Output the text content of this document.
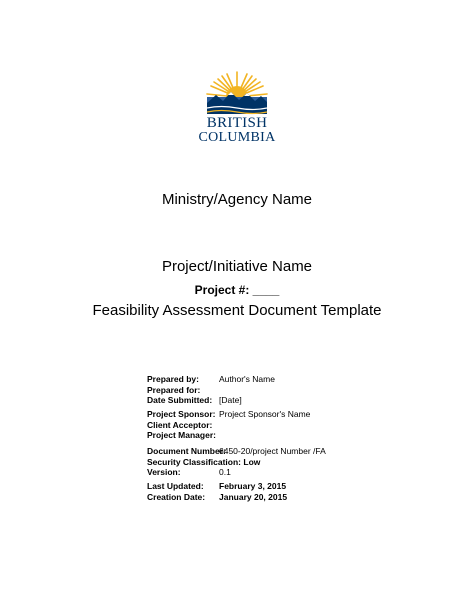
BRITISH
COLUMBIA
Ministry/Agency Name
Project/Initiative Name
Project #: ____
Feasibility Assessment Document Template
Prepared by: Author's Name
Prepared for:
Date Submitted: [Date]
Project Sponsor: Project Sponsor's Name
Client Acceptor:
Project Manager:
Document Number:
6450-20/project Number /FA
Security Classification: Low
Version:	0.1
Last Updated: February 3, 2015
Creation Date: January 20, 2015
